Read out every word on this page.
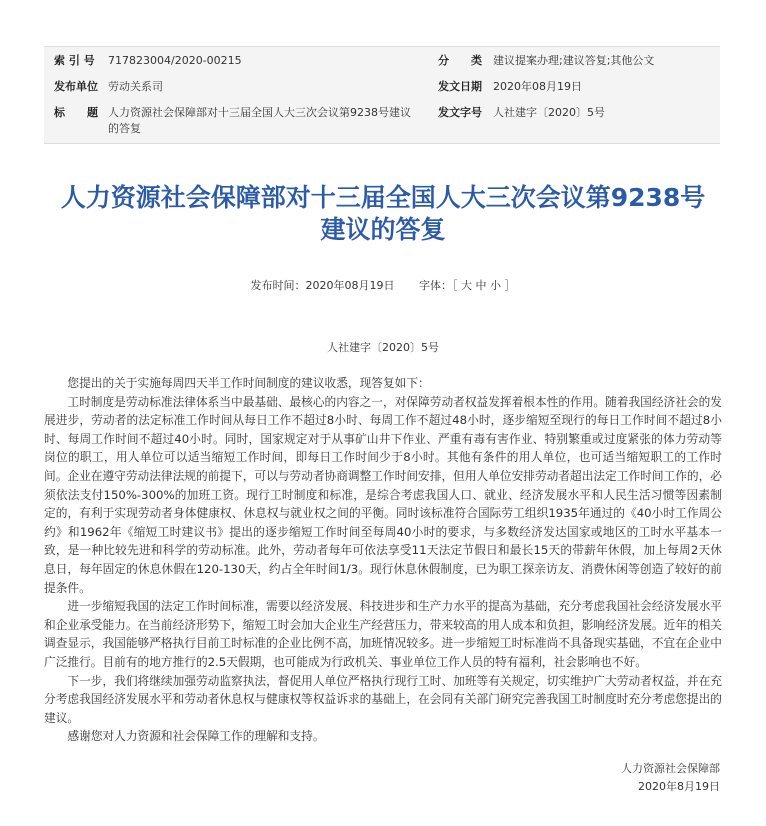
索 引 号	717823004/2020-00215	分　　类	建议提案办理;建议答复;其他公文
发布单位 劳动关系司	发文日期	2020年08月19日
标　　题 人力资源社会保障部对十三届全国人大三次会议第9238号建议的答复
发文字号	人社建字〔2020〕5号
人力资源社会保障部对十三届全国人大三次会议第9238号
建议的答复
发布时间：2020年08月19日 字体：［ 大 中 小 ］
人社建字〔2020〕5号

您提出的关于实施每周四天半工作时间制度的建议收悉，现答复如下：

工时制度是劳动标准法律体系当中最基础、最核心的内容之一，对保障劳动者权益发挥着根本性的作用。随着我国经济社会的发展进步，劳动者的法定标准工作时间从每日工作不超过8小时、每周工作不超过48小时，逐步缩短至现行的每日工作时间不超过8小时、每周工作时间不超过40小时。同时，国家规定对于从事矿山井下作业、严重有毒有害作业、特别繁重或过度紧张的体力劳动等岗位的职工，用人单位可以适当缩短工作时间，即每日工作时间少于8小时。其他有条件的用人单位，也可适当缩短职工的工作时间。企业在遵守劳动法律法规的前提下，可以与劳动者协商调整工作时间安排，但用人单位安排劳动者超出法定工作时间工作的，必须依法支付150%-300%的加班工资。现行工时制度和标准，是综合考虑我国人口、就业、经济发展水平和人民生活习惯等因素制定的，有利于实现劳动者身体健康权、休息权与就业权之间的平衡。同时该标准符合国际劳工组织1935年通过的《40小时工作周公约》和1962年《缩短工时建议书》提出的逐步缩短工作时间至每周40小时的要求，与多数经济发达国家或地区的工时水平基本一致，是一种比较先进和科学的劳动标准。此外，劳动者每年可依法享受11天法定节假日和最长15天的带薪年休假，加上每周2天休息日，每年固定的休息休假在120-130天，约占全年时间1/3。现行休息休假制度，已为职工探亲访友、消费休闲等创造了较好的前提条件。

进一步缩短我国的法定工作时间标准，需要以经济发展、科技进步和生产力水平的提高为基础，充分考虑我国社会经济发展水平和企业承受能力。在当前经济形势下，缩短工时会加大企业生产经营压力，带来较高的用人成本和负担，影响经济发展。近年的相关调查显示，我国能够严格执行目前工时标准的企业比例不高，加班情况较多。进一步缩短工时标准尚不具备现实基础，不宜在企业中广泛推行。目前有的地方推行的2.5天假期，也可能成为行政机关、事业单位工作人员的特有福利，社会影响也不好。

下一步，我们将继续加强劳动监察执法，督促用人单位严格执行现行工时、加班等有关规定，切实维护广大劳动者权益，并在充分考虑我国经济发展水平和劳动者休息权与健康权等权益诉求的基础上，在会同有关部门研究完善我国工时制度时充分考虑您提出的建议。

感谢您对人力资源和社会保障工作的理解和支持。

人力资源社会保障部
2020年8月19日
